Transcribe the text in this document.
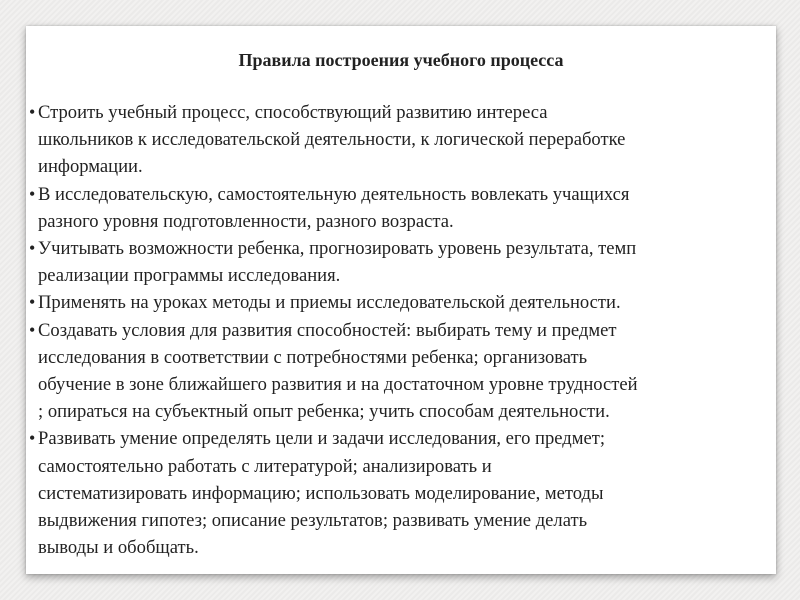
Правила построения учебного процесса
• Строить учебный процесс, способствующий развитию интереса
школьников к исследовательской деятельности, к логической переработке
информации.
• В исследовательскую, самостоятельную деятельность вовлекать учащихся
разного уровня подготовленности, разного возраста.
• Учитывать возможности ребенка, прогнозировать уровень результата, темп
реализации программы исследования.
• Применять на уроках методы и приемы исследовательской деятельности.
• Создавать условия для развития способностей: выбирать тему и предмет
исследования в соответствии с потребностями ребенка; организовать
обучение в зоне ближайшего развития и на достаточном уровне трудностей
; опираться на субъектный опыт ребенка; учить способам деятельности.
• Развивать умение определять цели и задачи исследования, его предмет;
самостоятельно работать с литературой; анализировать и
систематизировать информацию; использовать моделирование, методы
выдвижения гипотез; описание результатов; развивать умение делать
выводы и обобщать.
